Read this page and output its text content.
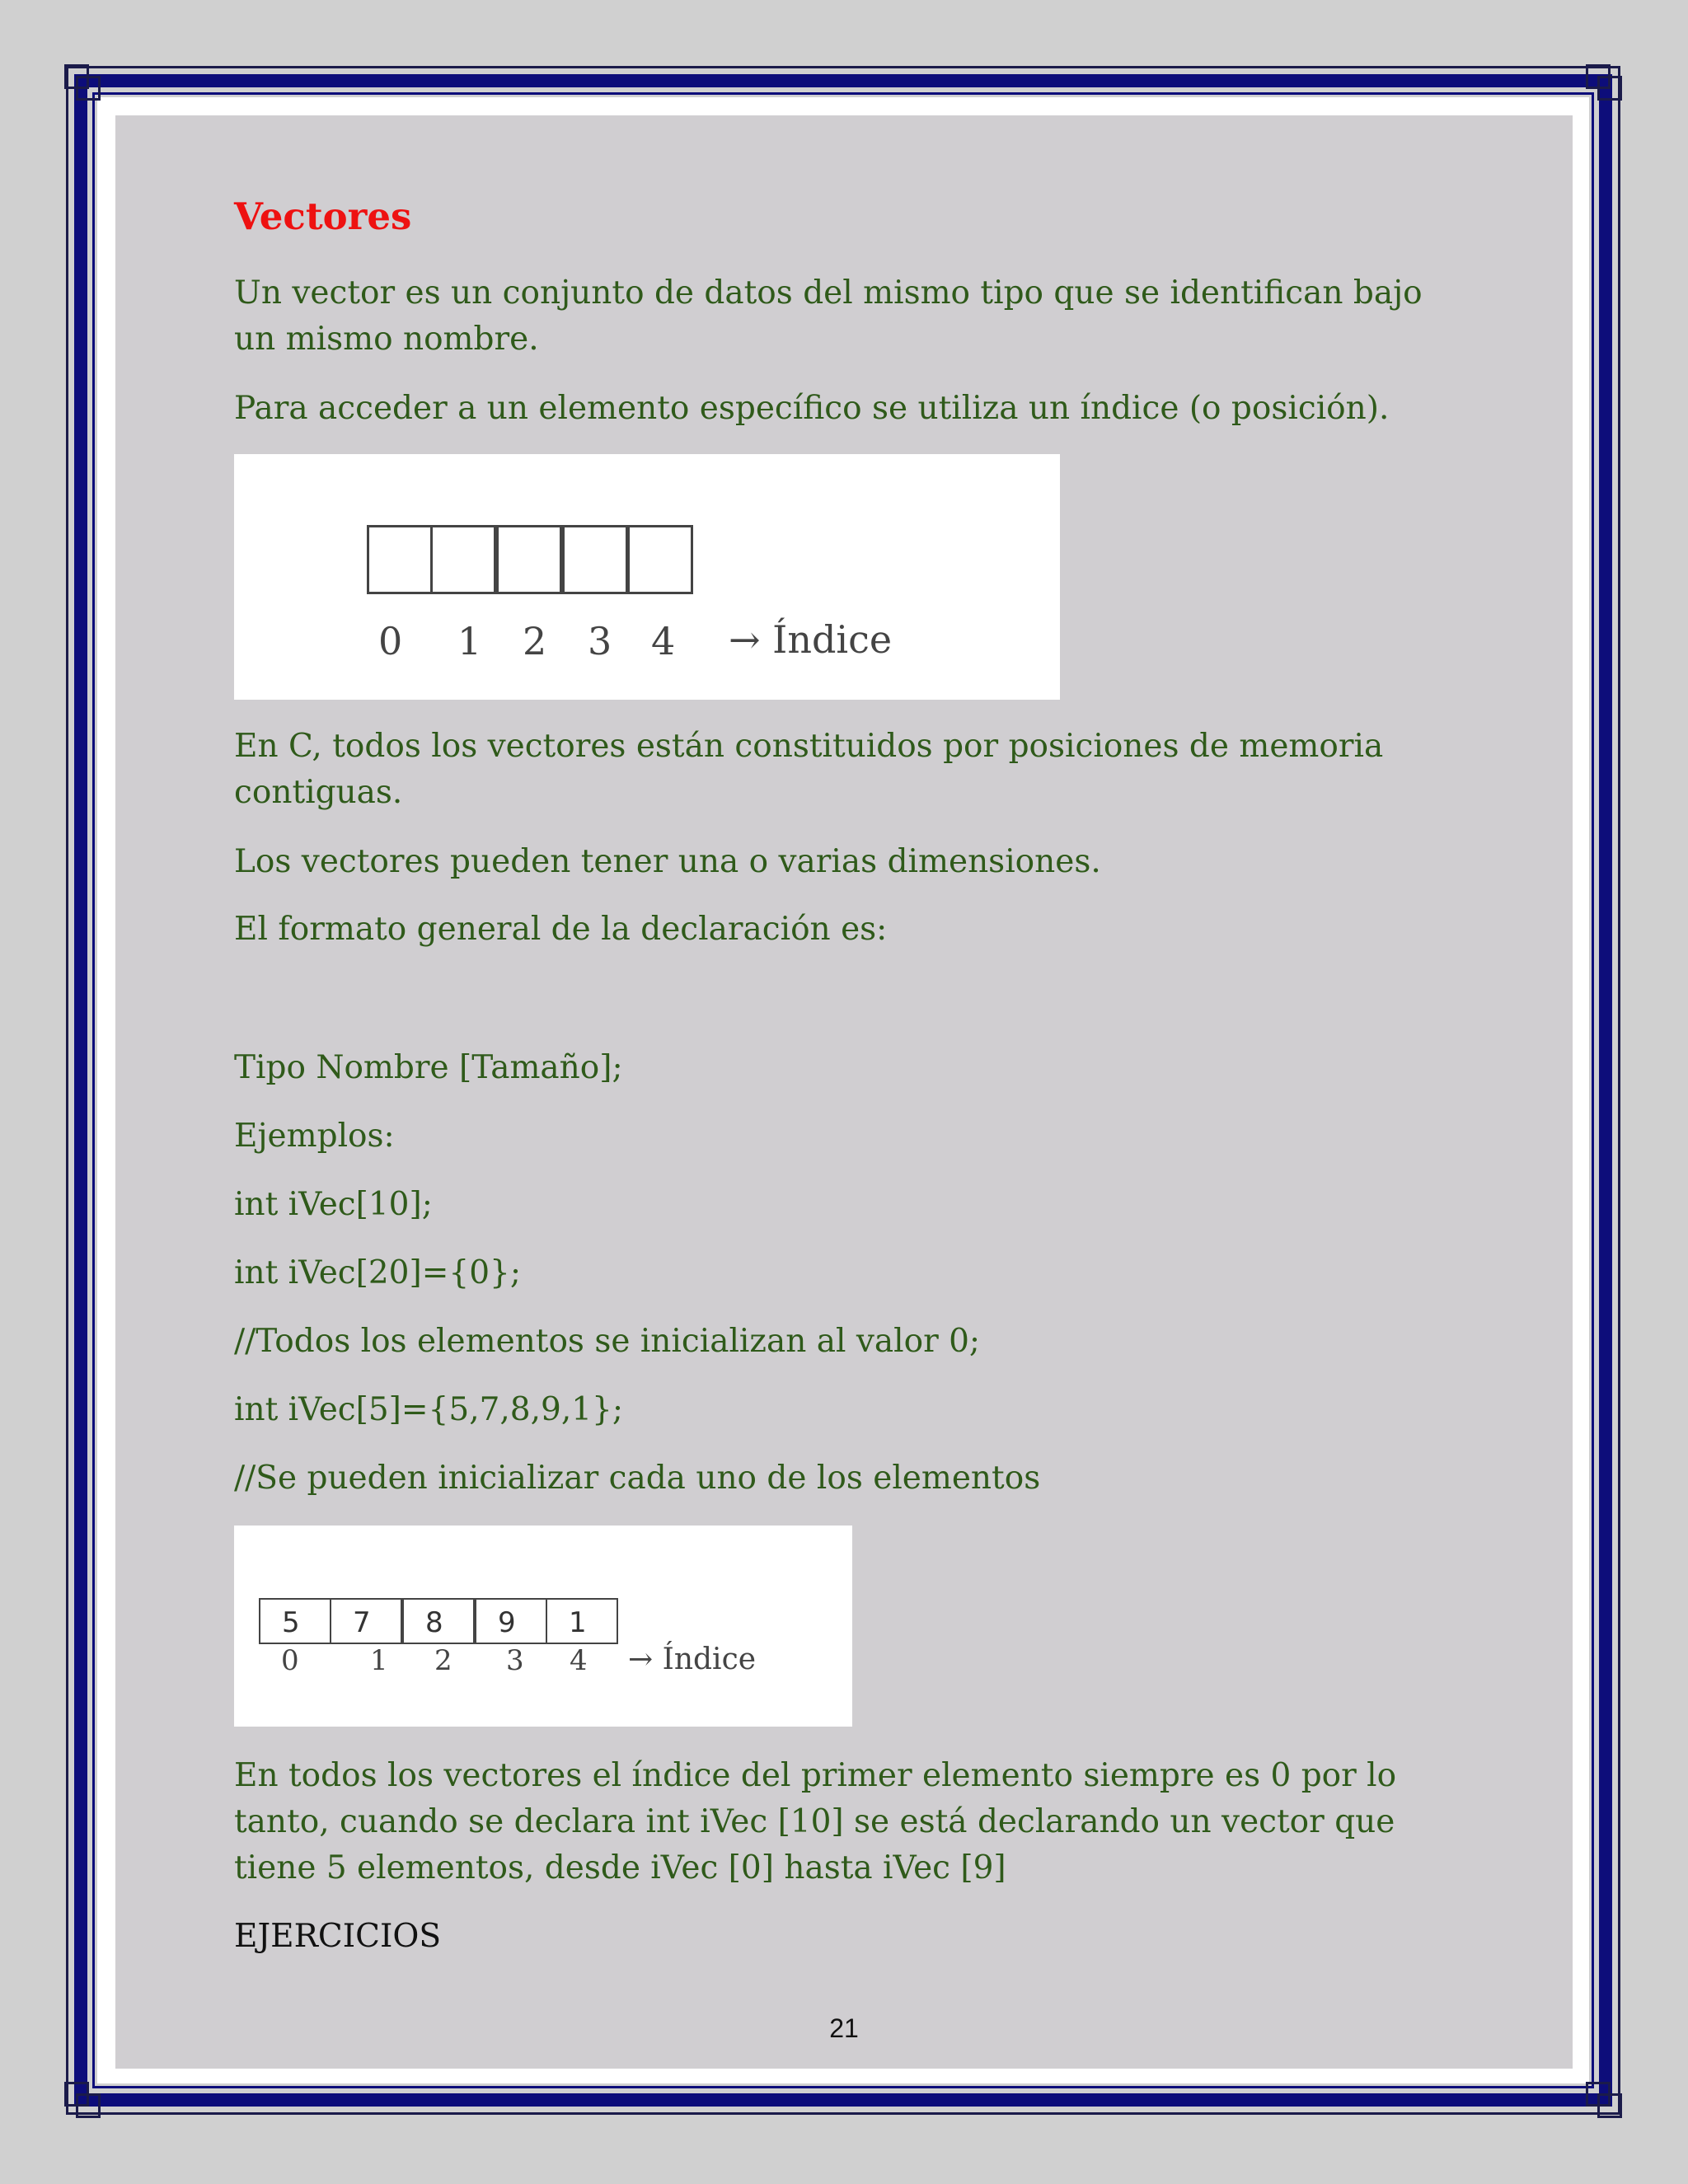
Vectores

Un vector es un conjunto de datos del mismo tipo que se identifican bajo

un mismo nombre.

Para acceder a un elemento específico se utiliza un índice (o posición).

0 1 2 3 4 → Índice

En C, todos los vectores están constituidos por posiciones de memoria

contiguas.

Los vectores pueden tener una o varias dimensiones.

El formato general de la declaración es:

Tipo Nombre [Tamaño];

Ejemplos:

int iVec[10];

int iVec[20]={0};

//Todos los elementos se inicializan al valor 0;

int iVec[5]={5,7,8,9,1};

//Se pueden inicializar cada uno de los elementos

5	7	8	9	1
0	1 2 3 4 → Índice

En todos los vectores el índice del primer elemento siempre es 0 por lo

tanto, cuando se declara int iVec [10] se está declarando un vector que

tiene 5 elementos, desde iVec [0] hasta iVec [9]

EJERCICIOS

21
